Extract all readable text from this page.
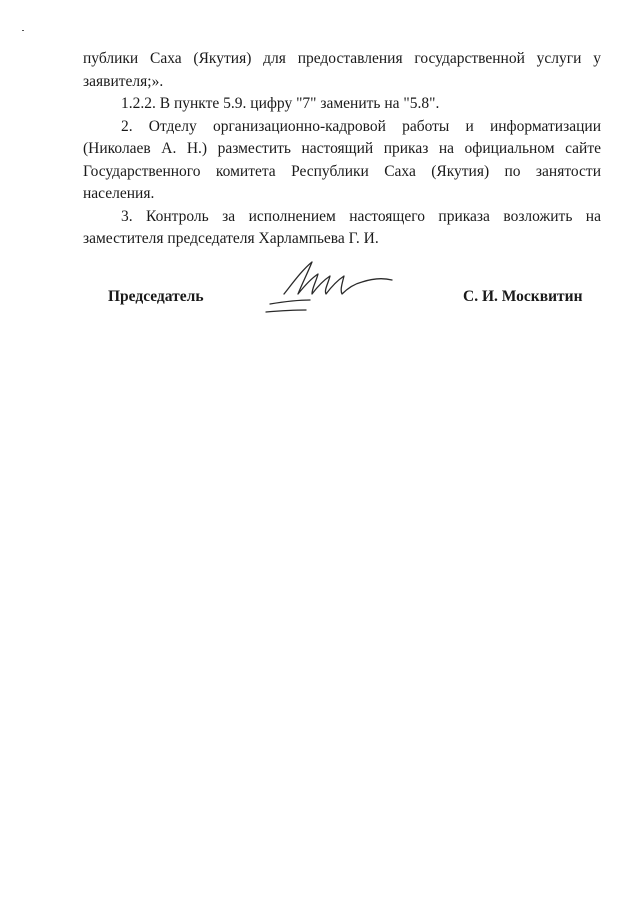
публики Саха (Якутия) для предоставления государственной услуги у заявителя;».

1.2.2. В пункте 5.9. цифру "7" заменить на "5.8".

2. Отделу организационно-кадровой работы и информатизации (Николаев А. Н.) разместить настоящий приказ на официальном сайте Государственного комитета Республики Саха (Якутия) по занятости населения.

3. Контроль за исполнением настоящего приказа возложить на заместителя председателя Харлампьева Г. И.

Председатель	С. И. Москвитин
